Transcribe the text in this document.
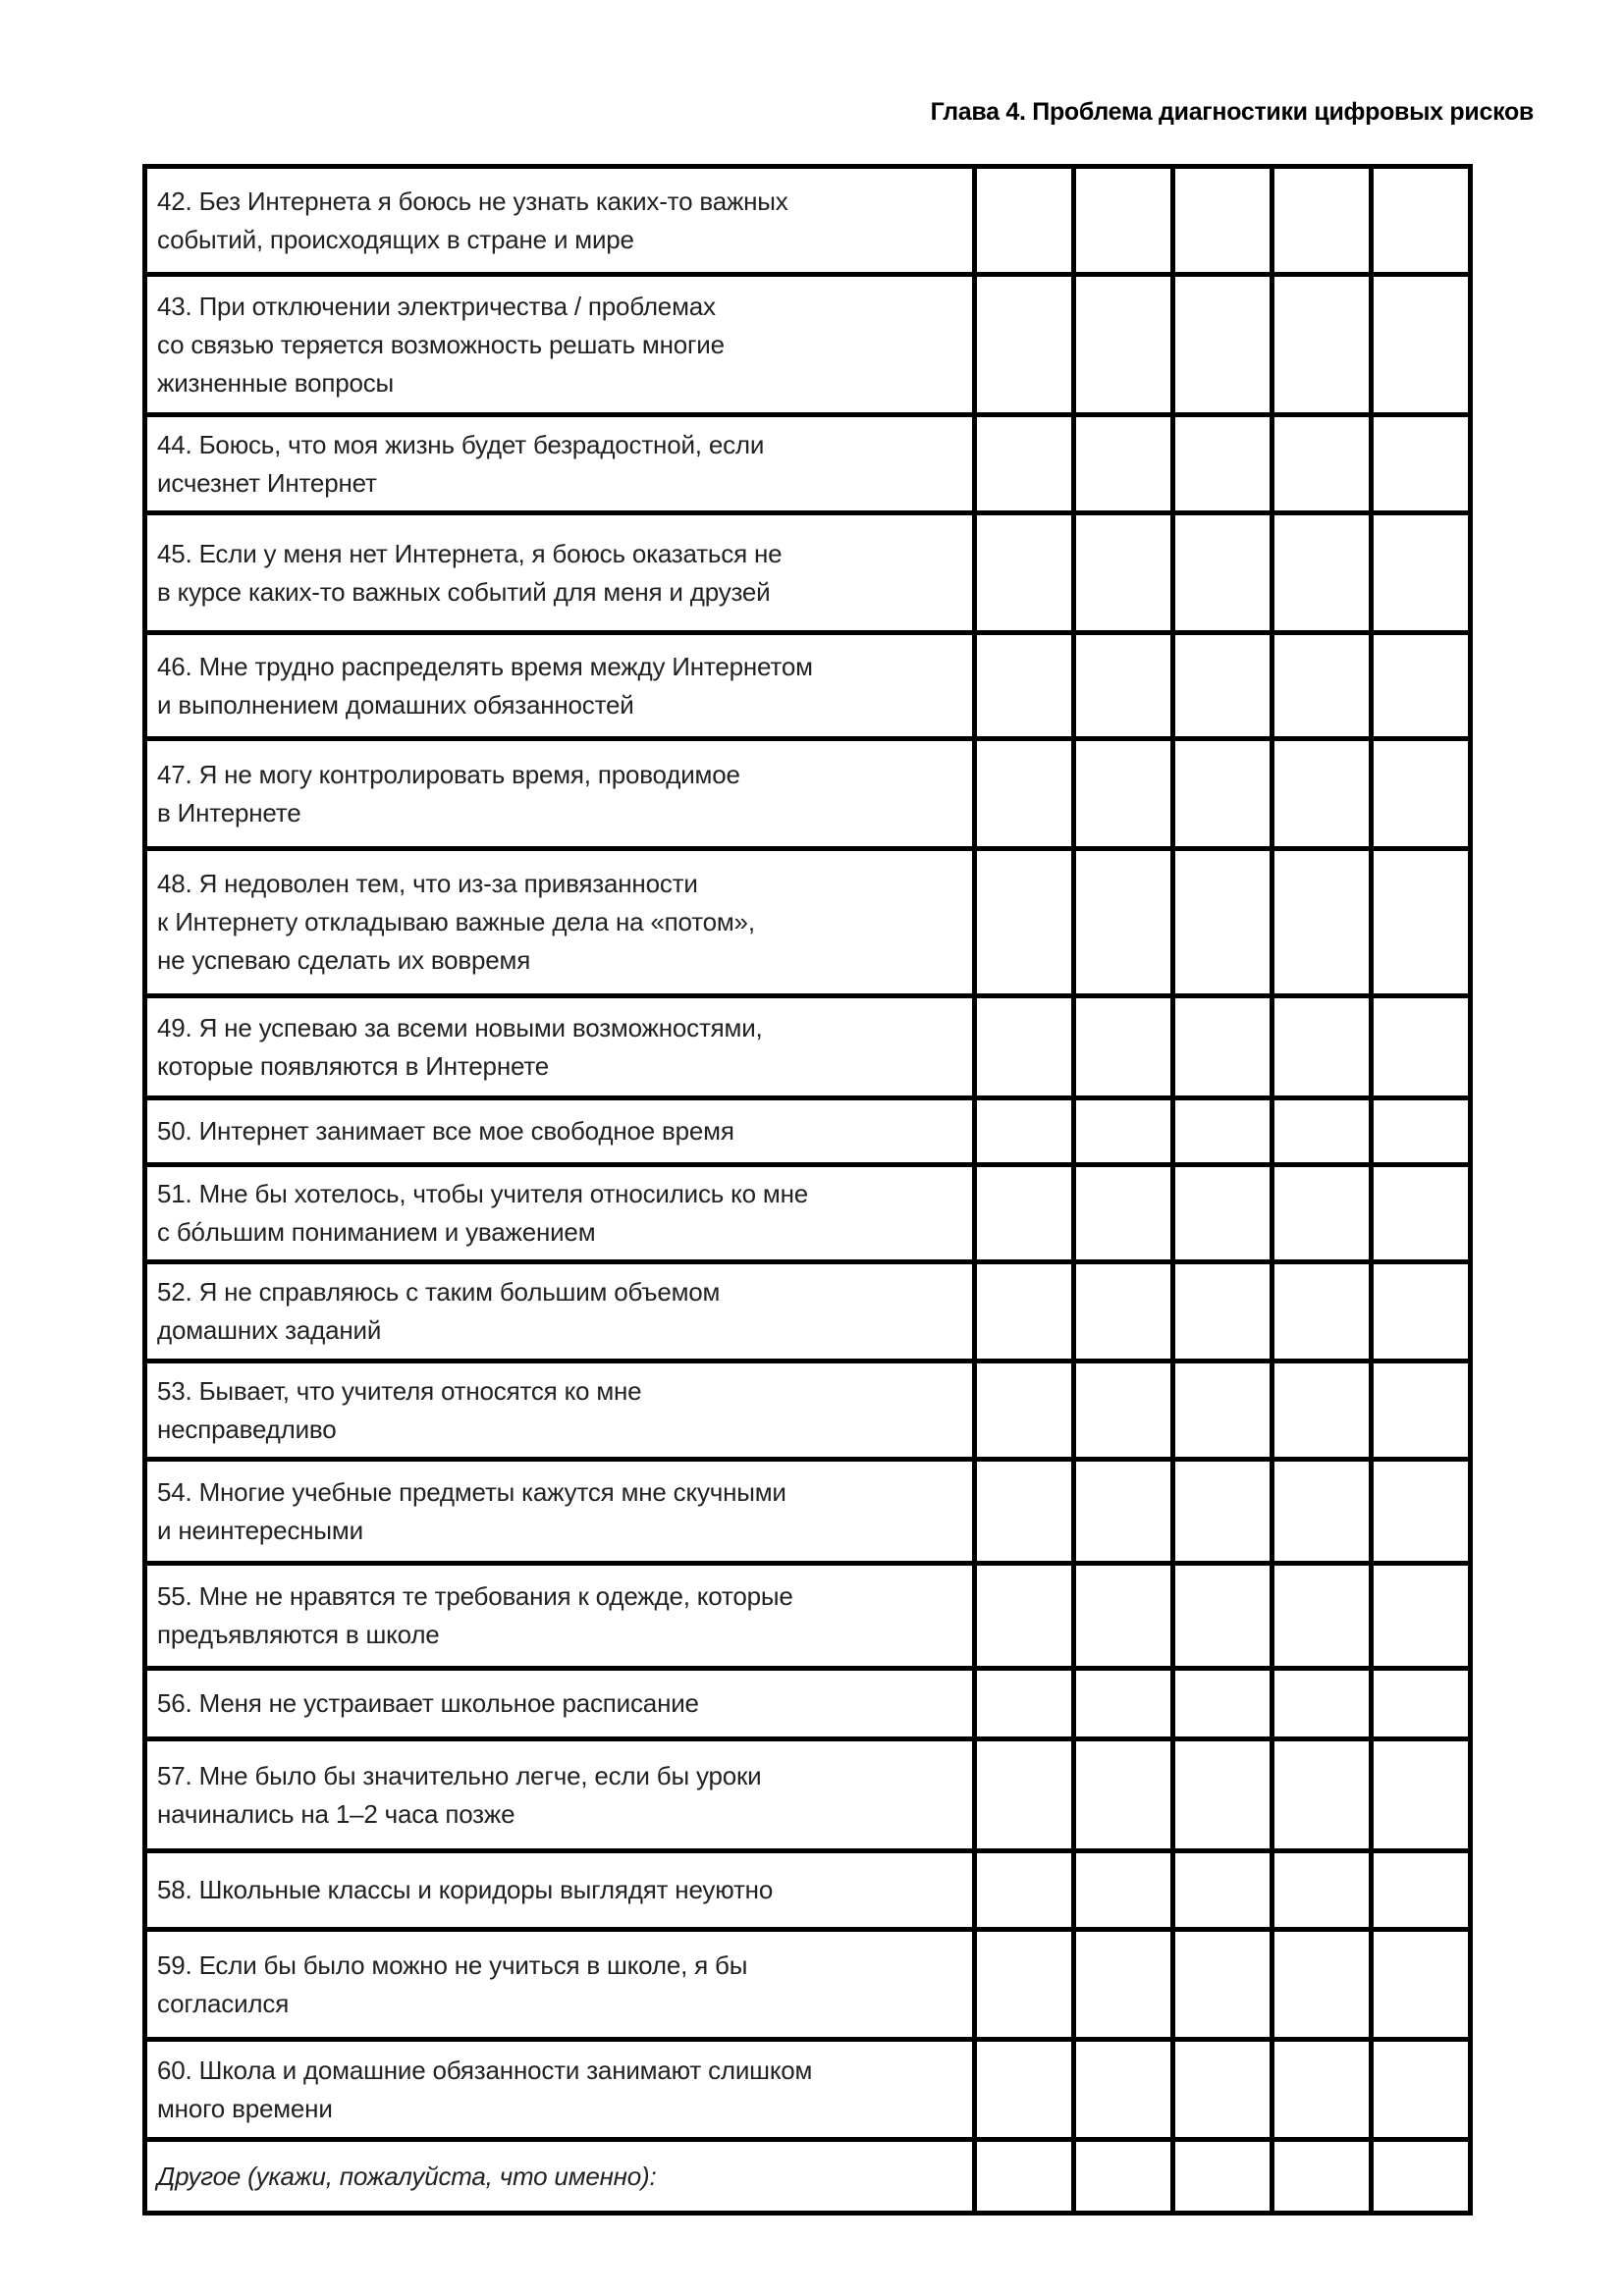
Глава 4. Проблема диагностики цифровых рисков
42. Без Интернета я боюсь не узнать каких-то важных
событий, происходящих в стране и мире					

43. При отключении электричества / проблемах
со связью теряется возможность решать многие
жизненные вопросы					

44. Боюсь, что моя жизнь будет безрадостной, если
исчезнет Интернет					

45. Если у меня нет Интернета, я боюсь оказаться не
в курсе каких-то важных событий для меня и друзей					

46. Мне трудно распределять время между Интернетом
и выполнением домашних обязанностей					

47. Я не могу контролировать время, проводимое
в Интернете					

48. Я недоволен тем, что из-за привязанности
к Интернету откладываю важные дела на «потом»,
не успеваю сделать их вовремя					

49. Я не успеваю за всеми новыми возможностями,
которые появляются в Интернете					

50. Интернет занимает все мое свободное время					

51. Мне бы хотелось, чтобы учителя относились ко мне
с бóльшим пониманием и уважением					

52. Я не справляюсь с таким большим объемом
домашних заданий					

53. Бывает, что учителя относятся ко мне
несправедливо					

54. Многие учебные предметы кажутся мне скучными
и неинтересными					

55. Мне не нравятся те требования к одежде, которые
предъявляются в школе					

56. Меня не устраивает школьное расписание					

57. Мне было бы значительно легче, если бы уроки
начинались на 1–2 часа позже					

58. Школьные классы и коридоры выглядят неуютно					

59. Если бы было можно не учиться в школе, я бы
согласился					

60. Школа и домашние обязанности занимают слишком
много времени					

Другое (укажи, пожалуйста, что именно):					
